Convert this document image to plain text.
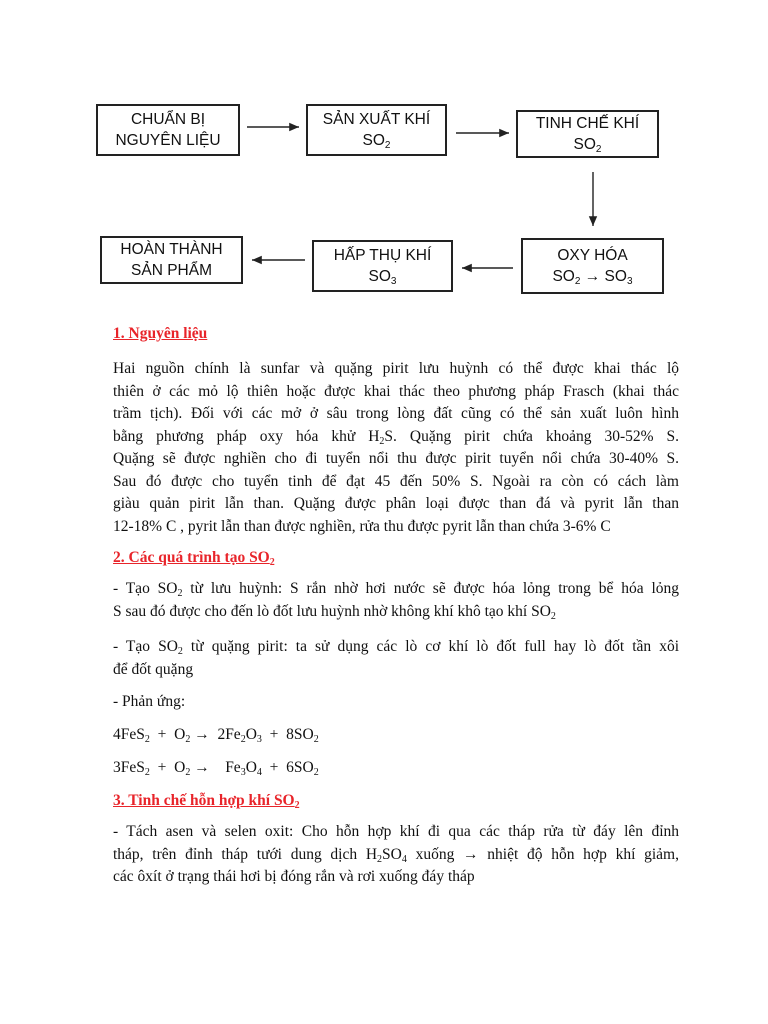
CHUẨN BỊ
NGUYÊN LIỆU
SẢN XUẤT KHÍ
$SO_2$
TINH CHẾ KHÍ
$SO_2$
OXY HÓA
$SO_2 \to SO_3$
HẤP THỤ KHÍ
$SO_3$
HOÀN THÀNH
SẢN PHẨM

1. Nguyên liệu

Hai nguồn chính là sunfar và quặng pirit lưu huỳnh có thể được khai thác lộ
thiên ở các mỏ lộ thiên hoặc được khai thác theo phương pháp Frasch (khai thác
trầm tịch). Đối với các mở ở sâu trong lòng đất cũng có thể sản xuất luôn hình
bằng phương pháp oxy hóa khử $H_2S$. Quặng pirit chứa khoảng 30-52% S.
Quặng sẽ được nghiền cho đi tuyển nổi thu được pirit tuyển nổi chứa 30-40% S.
Sau đó được cho tuyển tinh để đạt 45 đến 50% S. Ngoài ra còn có cách làm
giàu quản pirit lẫn than. Quặng được phân loại được than đá và pyrit lẫn than
12-18% C , pyrit lẫn than được nghiền, rửa thu được pyrit lẫn than chứa 3-6% C

2. Các quá trình tạo $SO_2$

- Tạo $SO_2$ từ lưu huỳnh: S rắn nhờ hơi nước sẽ được hóa lỏng trong bể hóa lỏng
S sau đó được cho đến lò đốt lưu huỳnh nhờ không khí khô tạo khí $SO_2$
- Tạo $SO_2$ từ quặng pirit: ta sử dụng các lò cơ khí lò đốt full hay lò đốt tần xôi
để đốt quặng
- Phản ứng:
$4FeS_2 + O_2 \to 2Fe_2O_3 + 8SO_2$
$3FeS_2 + O_2$ →    $Fe_3O_4 + 6SO_2$

3. Tinh chế hỗn hợp khí $SO_2$

- Tách asen và selen oxit: Cho hỗn hợp khí đi qua các tháp rửa từ đáy lên đỉnh
tháp, trên đỉnh tháp tưới dung dịch $H_2SO_4$ xuống → nhiệt độ hỗn hợp khí giảm,
các ôxít ở trạng thái hơi bị đóng rắn và rơi xuống đáy tháp
